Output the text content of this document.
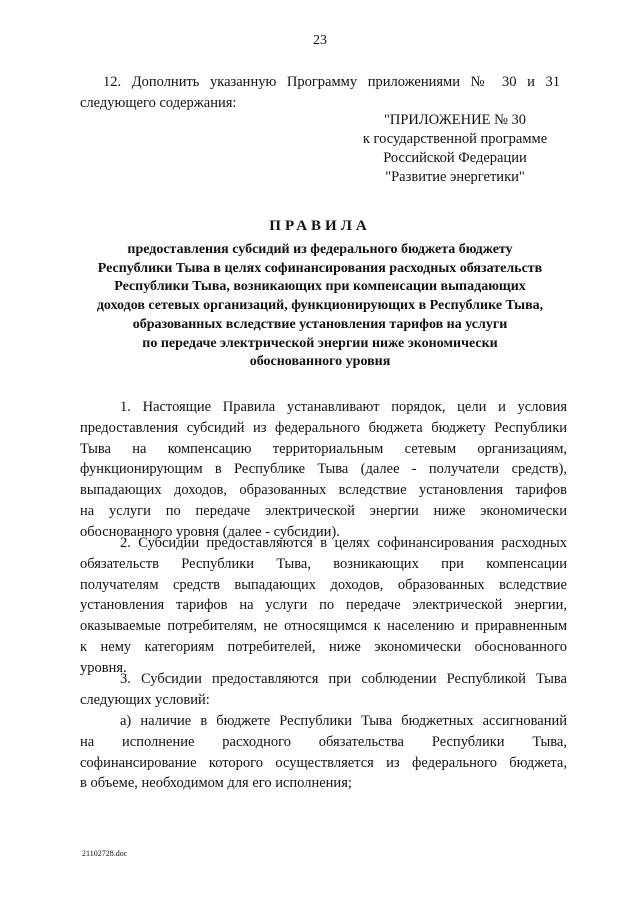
23
12. Дополнить указанную Программу приложениями № 30 и 31
следующего содержания:
"ПРИЛОЖЕНИЕ № 30
к государственной программе
Российской Федерации
"Развитие энергетики"
ПРАВИЛА
предоставления субсидий из федерального бюджета бюджету
Республики Тыва в целях софинансирования расходных обязательств
Республики Тыва, возникающих при компенсации выпадающих
доходов сетевых организаций, функционирующих в Республике Тыва,
образованных вследствие установления тарифов на услуги
по передаче электрической энергии ниже экономически
обоснованного уровня
1. Настоящие Правила устанавливают порядок, цели и условия
предоставления субсидий из федерального бюджета бюджету Республики
Тыва на компенсацию территориальным сетевым организациям,
функционирующим в Республике Тыва (далее - получатели средств),
выпадающих доходов, образованных вследствие установления тарифов
на услуги по передаче электрической энергии ниже экономически
обоснованного уровня (далее - субсидии).
2. Субсидии предоставляются в целях софинансирования расходных
обязательств Республики Тыва, возникающих при компенсации
получателям средств выпадающих доходов, образованных вследствие
установления тарифов на услуги по передаче электрической энергии,
оказываемые потребителям, не относящимся к населению и приравненным
к нему категориям потребителей, ниже экономически обоснованного
уровня.
3. Субсидии предоставляются при соблюдении Республикой Тыва
следующих условий:
а) наличие в бюджете Республики Тыва бюджетных ассигнований
на исполнение расходного обязательства Республики Тыва,
софинансирование которого осуществляется из федерального бюджета,
в объеме, необходимом для его исполнения;
21102728.doc
